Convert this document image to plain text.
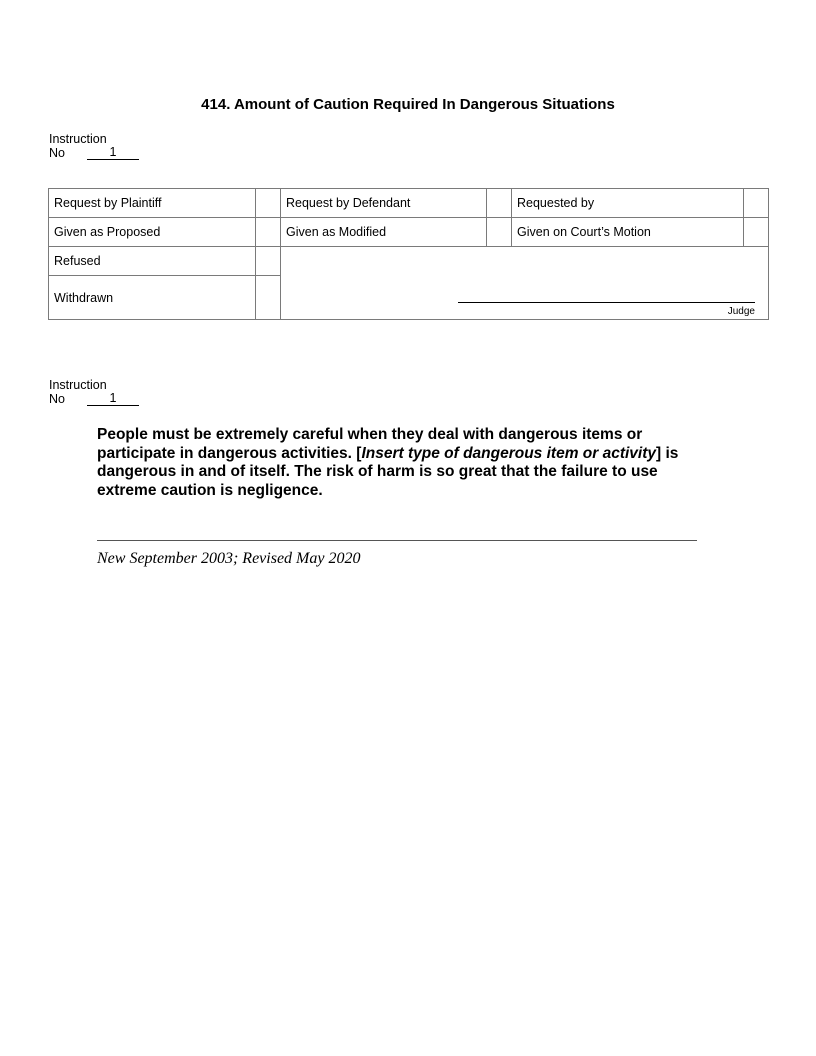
414. Amount of Caution Required In Dangerous Situations
Instruction
No	1
Request by Plaintiff		Request by Defendant		Requested by	
Given as Proposed		Given as Modified		Given on Court’s Motion	
Refused		Judge			

Withdrawn					
Instruction
No	1
People must be extremely careful when they deal with dangerous items or participate in dangerous activities. [Insert type of dangerous item or activity] is dangerous in and of itself. The risk of harm is so great that the failure to use extreme caution is negligence.
New September 2003; Revised May 2020
